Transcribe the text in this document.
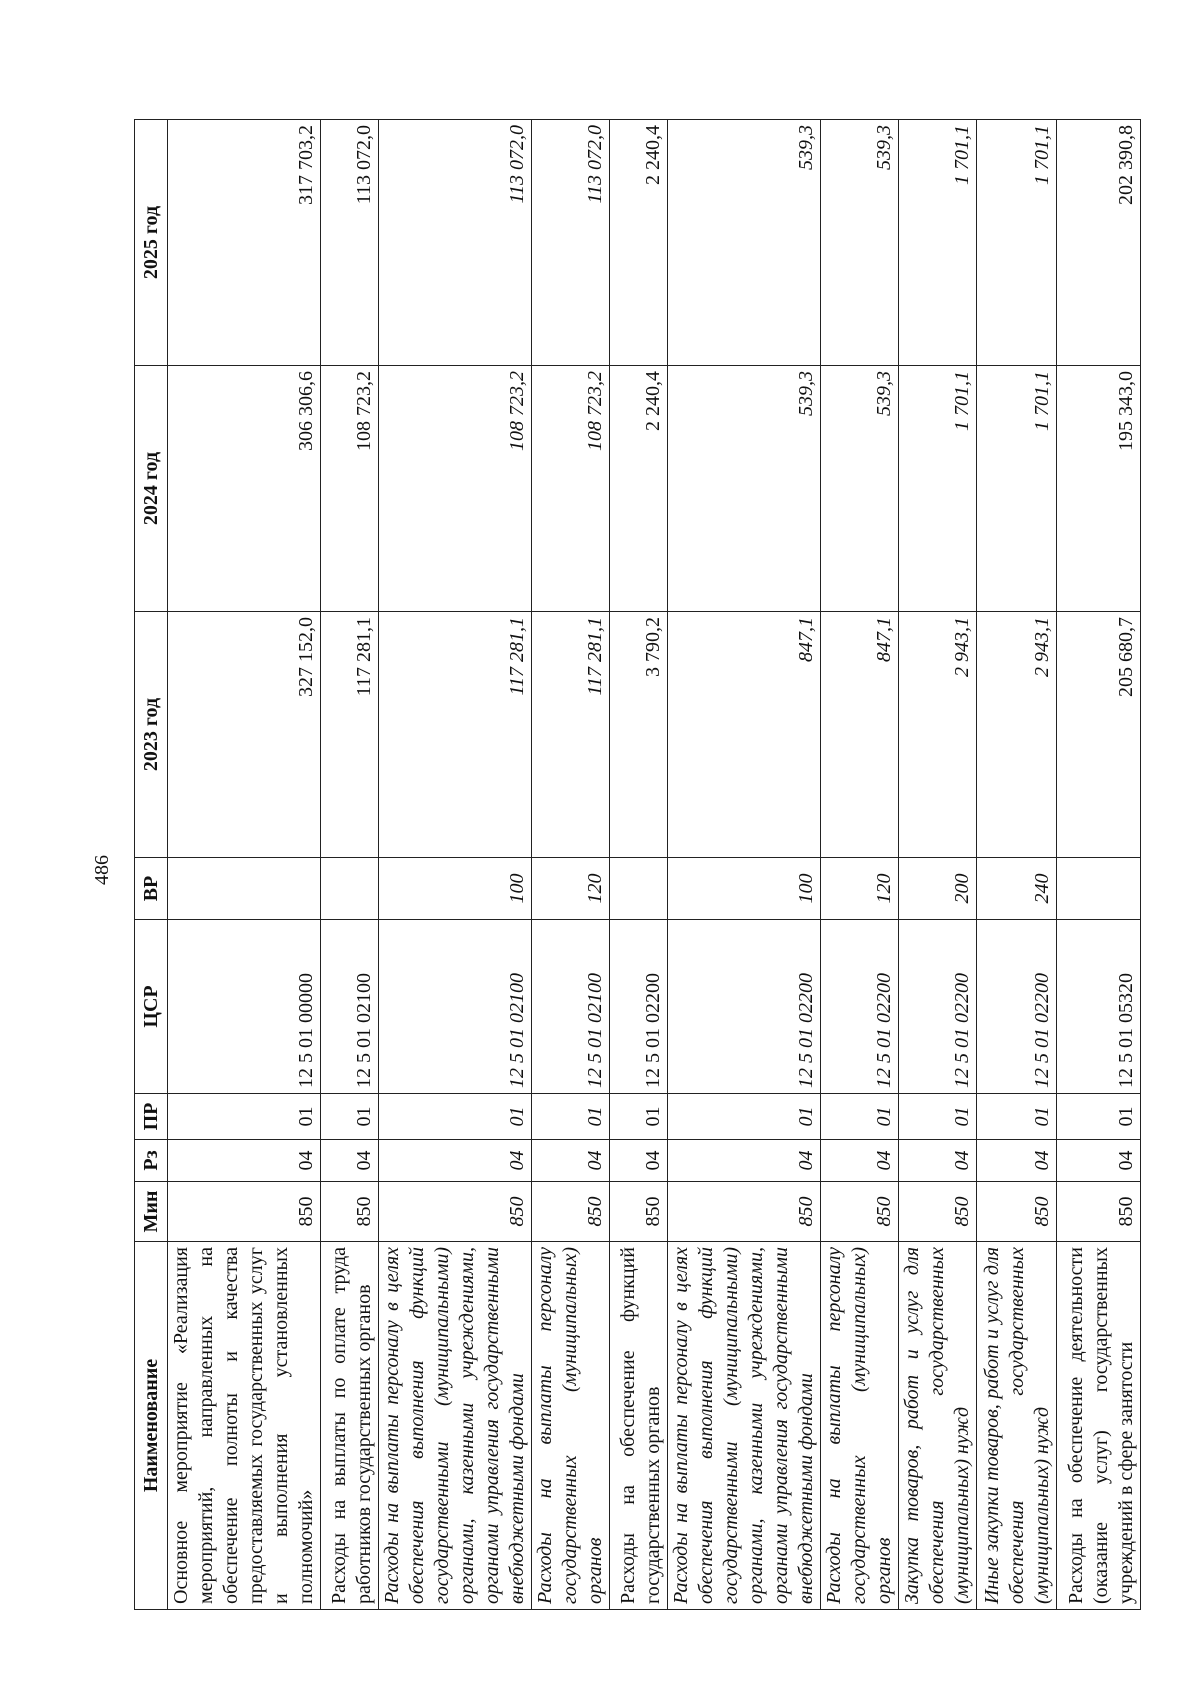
486
Наименование	Мин	Рз	ПР	ЦСР	ВР	2023 год	2024 год	2025 год
Основное мероприятие «Реализация мероприятий, направленных на обеспечение полноты и качества предоставляемых государственных услуг и выполнения установленных полномочий»	850	04	01	12 5 01 00000		327 152,0	306 306,6	317 703,2
Расходы на выплаты по оплате труда работников государственных органов	850	04	01	12 5 01 02100		117 281,1	108 723,2	113 072,0
Расходы на выплаты персоналу в целях обеспечения выполнения функций государственными (муниципальными) органами, казенными учреждениями, органами управления государственными внебюджетными фондами	850	04	01	12 5 01 02100	100	117 281,1	108 723,2	113 072,0
Расходы на выплаты персоналу государственных (муниципальных) органов	850	04	01	12 5 01 02100	120	117 281,1	108 723,2	113 072,0
Расходы на обеспечение функций государственных органов	850	04	01	12 5 01 02200		3 790,2	2 240,4	2 240,4
Расходы на выплаты персоналу в целях обеспечения выполнения функций государственными (муниципальными) органами, казенными учреждениями, органами управления государственными внебюджетными фондами	850	04	01	12 5 01 02200	100	847,1	539,3	539,3
Расходы на выплаты персоналу государственных (муниципальных) органов	850	04	01	12 5 01 02200	120	847,1	539,3	539,3
Закупка товаров, работ и услуг для обеспечения государственных (муниципальных) нужд	850	04	01	12 5 01 02200	200	2 943,1	1 701,1	1 701,1
Иные закупки товаров, работ и услуг для обеспечения государственных (муниципальных) нужд	850	04	01	12 5 01 02200	240	2 943,1	1 701,1	1 701,1
Расходы на обеспечение деятельности (оказание услуг) государственных учреждений в сфере занятости	850	04	01	12 5 01 05320		205 680,7	195 343,0	202 390,8
